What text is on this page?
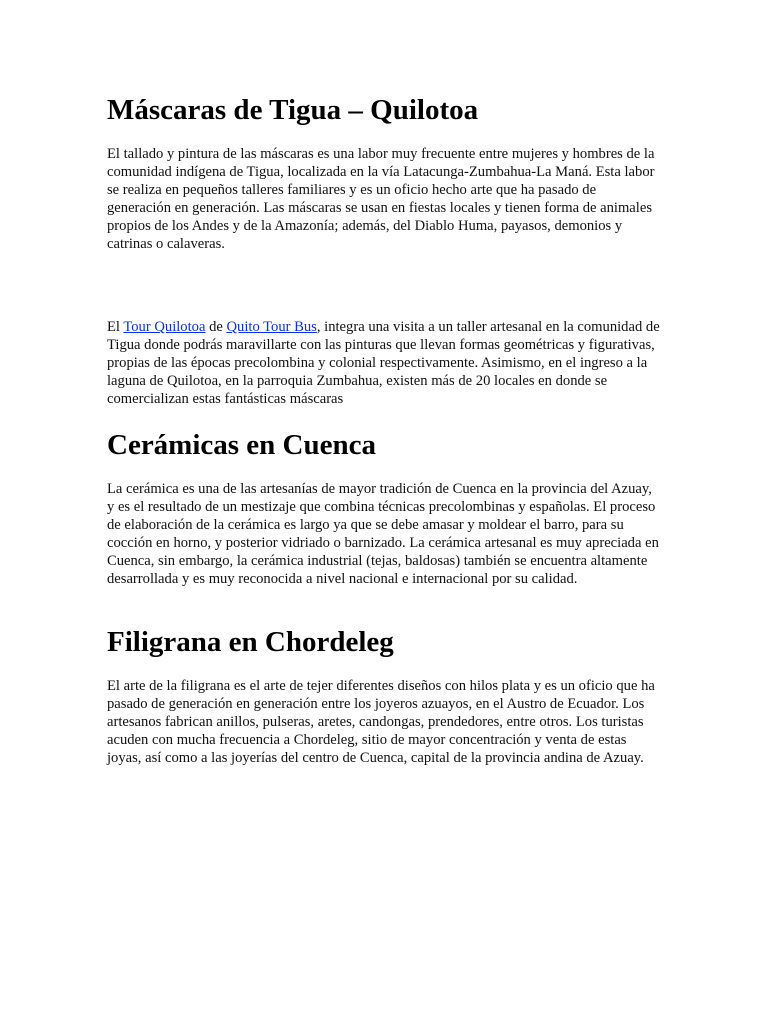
Máscaras de Tigua – Quilotoa

El tallado y pintura de las máscaras es una labor muy frecuente entre mujeres y hombres de la comunidad indígena de Tigua, localizada en la vía Latacunga-Zumbahua-La Maná. Esta labor se realiza en pequeños talleres familiares y es un oficio hecho arte que ha pasado de generación en generación. Las máscaras se usan en fiestas locales y tienen forma de animales propios de los Andes y de la Amazonía; además, del Diablo Huma, payasos, demonios y catrinas o calaveras.

El Tour Quilotoa de Quito Tour Bus, integra una visita a un taller artesanal en la comunidad de Tigua donde podrás maravillarte con las pinturas que llevan formas geométricas y figurativas, propias de las épocas precolombina y colonial respectivamente. Asimismo, en el ingreso a la laguna de Quilotoa, en la parroquia Zumbahua, existen más de 20 locales en donde se comercializan estas fantásticas máscaras

Cerámicas en Cuenca

La cerámica es una de las artesanías de mayor tradición de Cuenca en la provincia del Azuay, y es el resultado de un mestizaje que combina técnicas precolombinas y españolas. El proceso de elaboración de la cerámica es largo ya que se debe amasar y moldear el barro, para su cocción en horno, y posterior vidriado o barnizado. La cerámica artesanal es muy apreciada en Cuenca, sin embargo, la cerámica industrial (tejas, baldosas) también se encuentra altamente desarrollada y es muy reconocida a nivel nacional e internacional por su calidad.

Filigrana en Chordeleg

El arte de la filigrana es el arte de tejer diferentes diseños con hilos plata y es un oficio que ha pasado de generación en generación entre los joyeros azuayos, en el Austro de Ecuador. Los artesanos fabrican anillos, pulseras, aretes, candongas, prendedores, entre otros. Los turistas acuden con mucha frecuencia a Chordeleg, sitio de mayor concentración y venta de estas joyas, así como a las joyerías del centro de Cuenca, capital de la provincia andina de Azuay.
